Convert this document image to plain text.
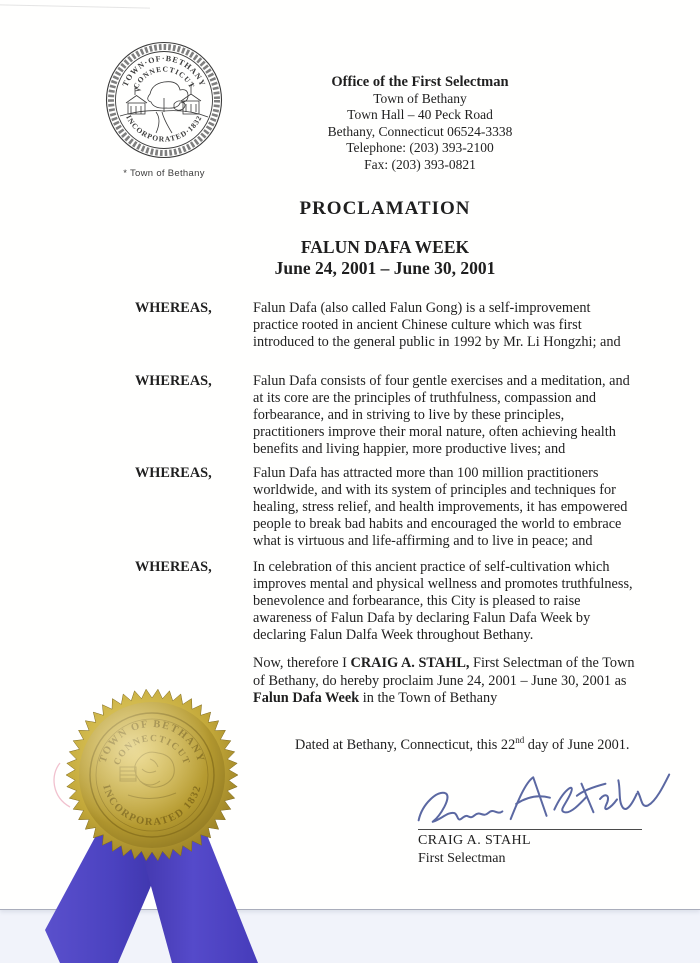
TOWN·OF·BETHANY
CONNECTICUT
INCORPORATED·1832
* Town of Bethany
Office of the First Selectman
Town of Bethany
Town Hall – 40 Peck Road
Bethany, Connecticut 06524-3338
Telephone: (203) 393-2100
Fax: (203) 393-0821
PROCLAMATION
FALUN DAFA WEEK
June 24, 2001 – June 30, 2001
WHEREAS,	Falun Dafa (also called Falun Gong) is a self-improvement practice rooted in ancient Chinese culture which was first introduced to the general public in 1992 by Mr. Li Hongzhi; and
WHEREAS,	Falun Dafa consists of four gentle exercises and a meditation, and at its core are the principles of truthfulness, compassion and forbearance, and in striving to live by these principles, practitioners improve their moral nature, often achieving health benefits and living happier, more productive lives; and
WHEREAS,	Falun Dafa has attracted more than 100 million practitioners worldwide, and with its system of principles and techniques for healing, stress relief, and health improvements, it has empowered people to break bad habits and encouraged the world to embrace what is virtuous and life-affirming and to live in peace; and
WHEREAS,	In celebration of this ancient practice of self-cultivation which improves mental and physical wellness and promotes truthfulness, benevolence and forbearance, this City is pleased to raise awareness of Falun Dafa by declaring Falun Dafa Week by declaring Falun Dalfa Week throughout Bethany.
Now, therefore I CRAIG A. STAHL, First Selectman of the Town of Bethany, do hereby proclaim June 24, 2001 – June 30, 2001 as Falun Dafa Week in the Town of Bethany
Dated at Bethany, Connecticut, this 22nd day of June 2001.
CRAIG A. STAHL
First Selectman
